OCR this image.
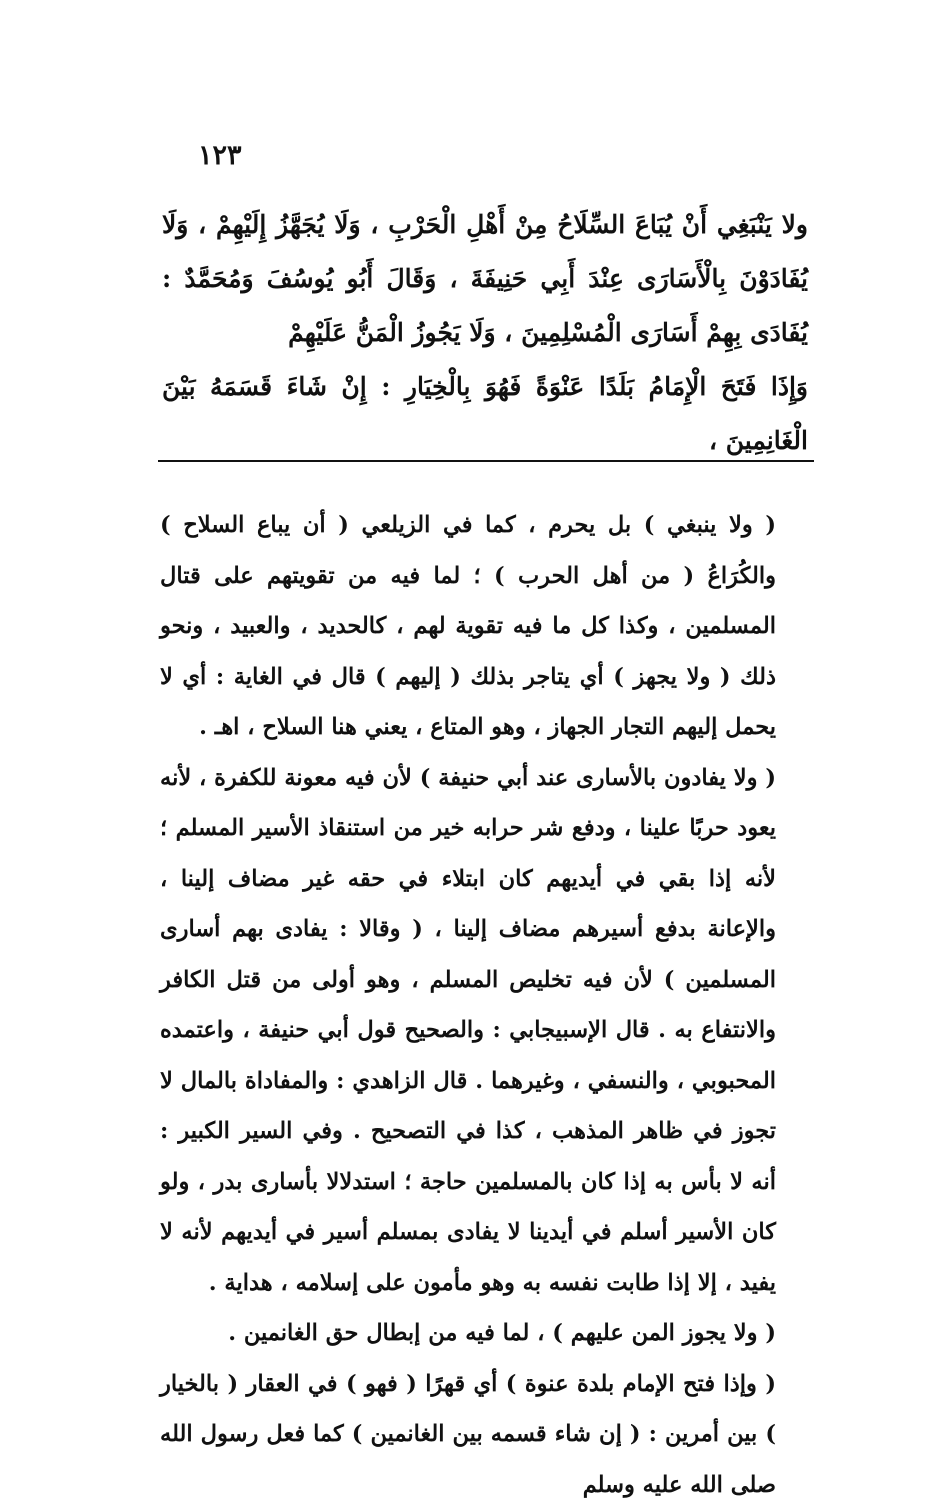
١٢٣

ولا يَنْبَغِي أَنْ يُبَاعَ السِّلَاحُ مِنْ أَهْلِ الْحَرْبِ ، وَلَا يُجَهَّزُ إِلَيْهِمْ ، وَلَا يُفَادَوْنَ بِالْأَسَارَى عِنْدَ أَبِي حَنِيفَةَ ، وَقَالَ أَبُو يُوسُفَ وَمُحَمَّدٌ : يُفَادَى بِهِمْ أَسَارَى الْمُسْلِمِينَ ، وَلَا يَجُوزُ الْمَنُّ عَلَيْهِمْ

وَإِذَا فَتَحَ الْإِمَامُ بَلَدًا عَنْوَةً فَهُوَ بِالْخِيَارِ : إِنْ شَاءَ قَسَمَهُ بَيْنَ الْغَانِمِينَ ،

( ولا ينبغي ) بل يحرم ، كما في الزيلعي ( أن يباع السلاح ) والكُرَاعُ ( من أهل الحرب ) ؛ لما فيه من تقويتهم على قتال المسلمين ، وكذا كل ما فيه تقوية لهم ، كالحديد ، والعبيد ، ونحو ذلك ( ولا يجهز ) أي يتاجر بذلك ( إليهم ) قال في الغاية : أي لا يحمل إليهم التجار الجهاز ، وهو المتاع ، يعني هنا السلاح ، اهـ .

( ولا يفادون بالأسارى عند أبي حنيفة ) لأن فيه معونة للكفرة ، لأنه يعود حربًا علينا ، ودفع شر حرابه خير من استنقاذ الأسير المسلم ؛ لأنه إذا بقي في أيديهم كان ابتلاء في حقه غير مضاف إلينا ، والإعانة بدفع أسيرهم مضاف إلينا ، ( وقالا : يفادى بهم أسارى المسلمين ) لأن فيه تخليص المسلم ، وهو أولى من قتل الكافر والانتفاع به . قال الإسبيجابي : والصحيح قول أبي حنيفة ، واعتمده المحبوبي ، والنسفي ، وغيرهما . قال الزاهدي : والمفاداة بالمال لا تجوز في ظاهر المذهب ، كذا في التصحيح . وفي السير الكبير : أنه لا بأس به إذا كان بالمسلمين حاجة ؛ استدلالا بأسارى بدر ، ولو كان الأسير أسلم في أيدينا لا يفادى بمسلم أسير في أيديهم لأنه لا يفيد ، إلا إذا طابت نفسه به وهو مأمون على إسلامه ، هداية .

( ولا يجوز المن عليهم ) ، لما فيه من إبطال حق الغانمين .

( وإذا فتح الإمام بلدة عنوة ) أي قهرًا ( فهو ) في العقار ( بالخيار ) بين أمرين : ( إن شاء قسمه بين الغانمين ) كما فعل رسول الله صلى الله عليه وسلم
